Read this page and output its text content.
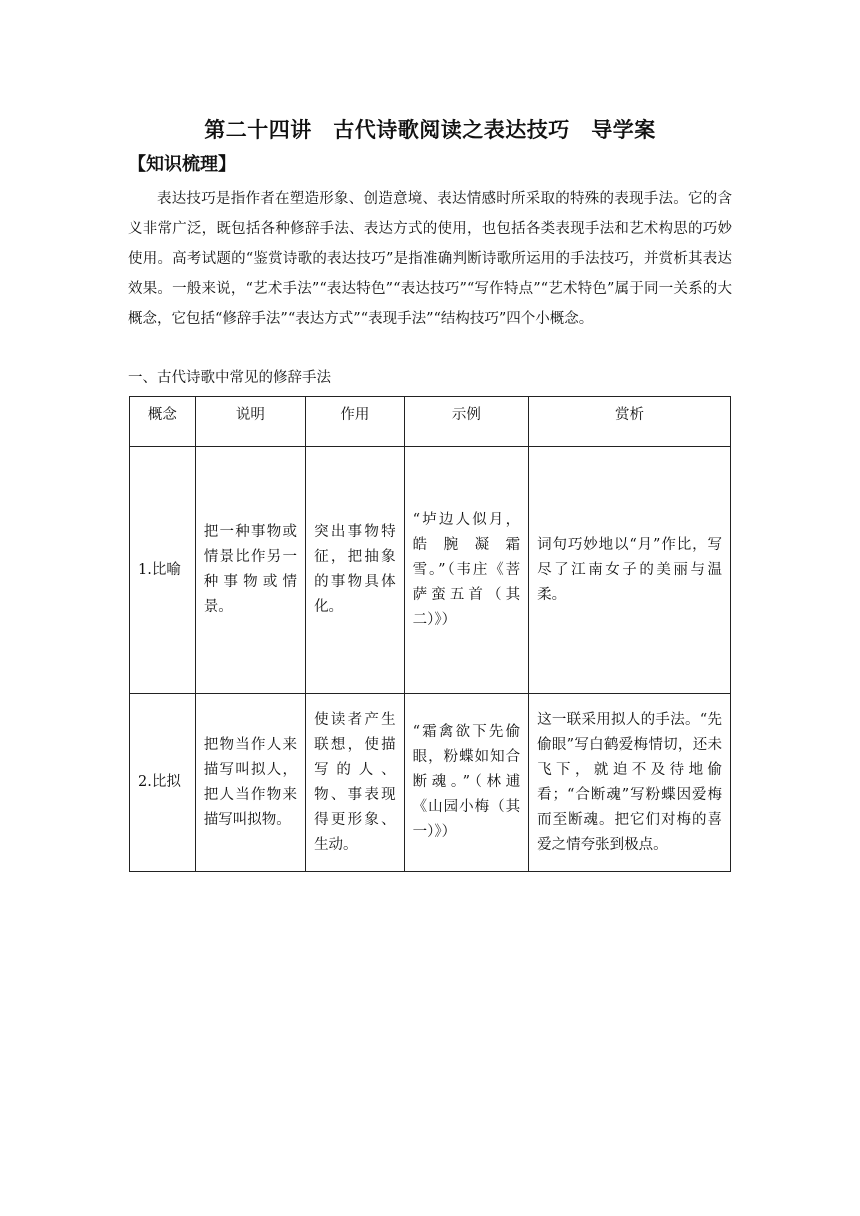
第二十四讲　古代诗歌阅读之表达技巧　导学案
【知识梳理】

表达技巧是指作者在塑造形象、创造意境、表达情感时所采取的特殊的表现手法。它的含义非常广泛，既包括各种修辞手法、表达方式的使用，也包括各类表现手法和艺术构思的巧妙使用。高考试题的“鉴赏诗歌的表达技巧”是指准确判断诗歌所运用的手法技巧，并赏析其表达效果。一般来说，“艺术手法”“表达特色”“表达技巧”“写作特点”“艺术特色”属于同一关系的大概念，它包括“修辞手法”“表达方式”“表现手法”“结构技巧”四个小概念。

一、古代诗歌中常见的修辞手法
概念	说明	作用	示例	赏析
1.比喻	把一种事物或情景比作另一种事物或情景。	突出事物特征，把抽象的事物具体化。	“垆边人似月，皓腕凝霜雪。”（韦庄《菩萨蛮五首（其二）》）	词句巧妙地以“月”作比，写尽了江南女子的美丽与温柔。
2.比拟	把物当作人来描写叫拟人，把人当作物来描写叫拟物。	使读者产生联想，使描写的人、物、事表现得更形象、生动。	“霜禽欲下先偷眼，粉蝶如知合断魂。”（林逋《山园小梅（其一）》）	这一联采用拟人的手法。“先偷眼”写白鹤爱梅情切，还未飞下，就迫不及待地偷看；“合断魂”写粉蝶因爱梅而至断魂。把它们对梅的喜爱之情夸张到极点。
